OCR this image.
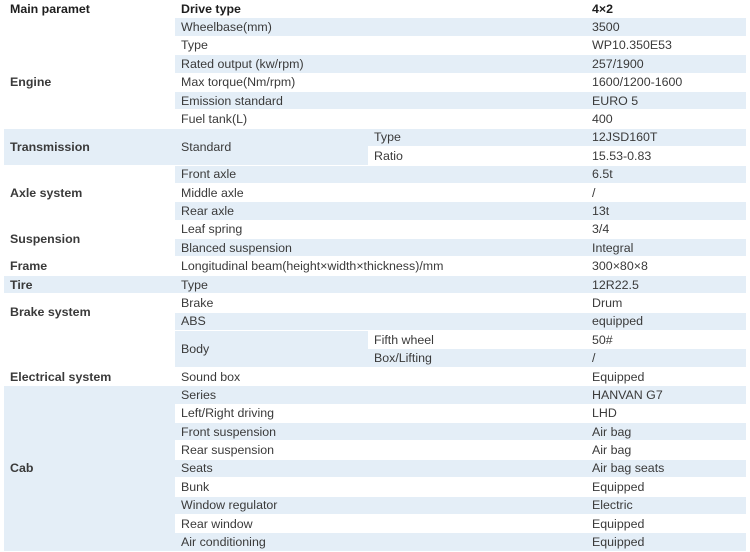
Main paramet	Drive type		4×2
	Wheelbase(mm)		3500
Engine	Type		WP10.350E53
	Rated output (kw/rpm)		257/1900
	Max torque(Nm/rpm)		1600/1200-1600
	Emission standard		EURO 5
	Fuel tank(L)		400
Transmission	Standard	Type	12JSD160T
		Ratio	15.53-0.83
Axle system	Front axle		6.5t
	Middle axle		/
	Rear axle		13t
Suspension	Leaf spring		3/4
	Blanced suspension		Integral
Frame	Longitudinal beam(height×width×thickness)/mm		300×80×8
Tire	Type		12R22.5
Brake system	Brake		Drum
	ABS		equipped
	Body	Fifth wheel	50#
		Box/Lifting	/
Electrical system	Sound box		Equipped
Cab	Series		HANVAN G7
	Left/Right driving		LHD
	Front suspension		Air bag
	Rear suspension		Air bag
	Seats		Air bag seats
	Bunk		Equipped
	Window regulator		Electric
	Rear window		Equipped
	Air conditioning		Equipped
